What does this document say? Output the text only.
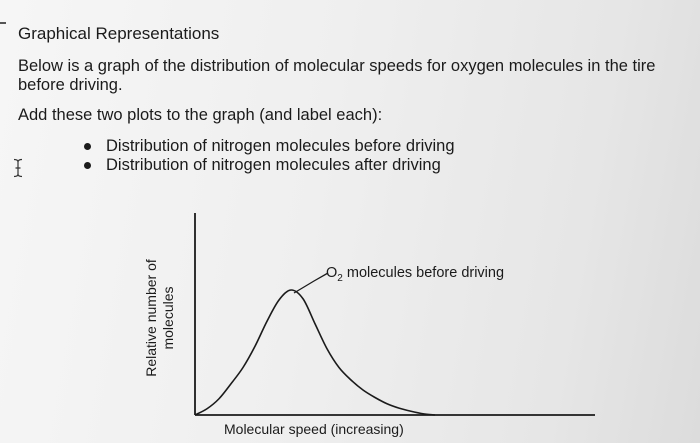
Graphical Representations
Below is a graph of the distribution of molecular speeds for oxygen molecules in the tire
before driving.
Add these two plots to the graph (and label each):
Distribution of nitrogen molecules before driving
Distribution of nitrogen molecules after driving
Relative number of molecules
Molecular speed (increasing)
$O_2$ molecules before driving
